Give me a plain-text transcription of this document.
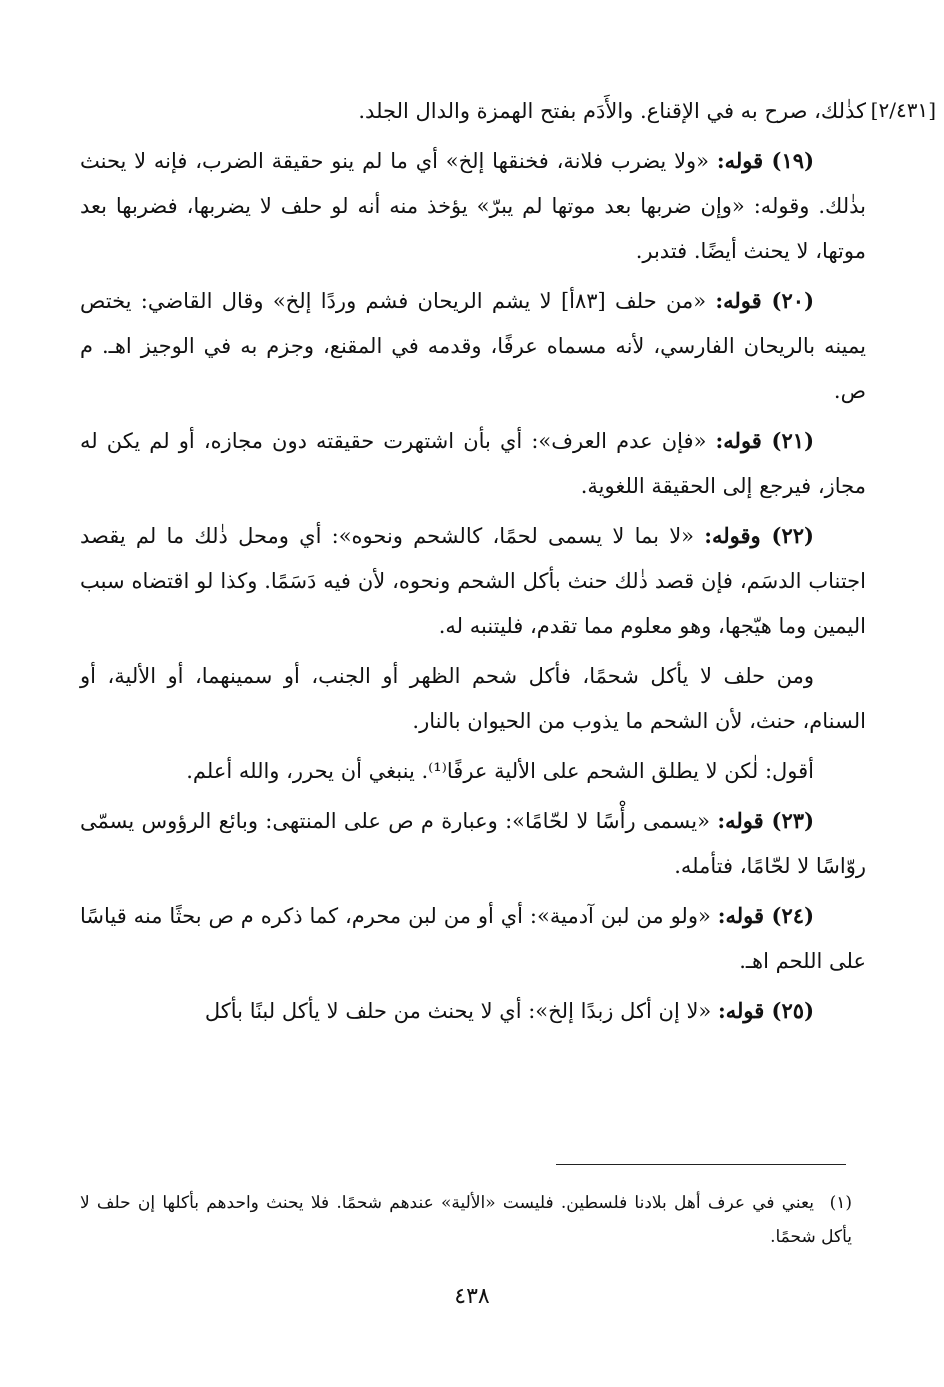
[٢/٤٣١]

كذٰلك، صرح به في الإقناع. والأَدَم بفتح الهمزة والدال الجلد.

(١٩) قوله: «ولا يضرب فلانة، فخنقها إلخ» أي ما لم ينو حقيقة الضرب، فإنه لا يحنث بذٰلك. وقوله: «وإن ضربها بعد موتها لم يبرّ» يؤخذ منه أنه لو حلف لا يضربها، فضربها بعد موتها، لا يحنث أيضًا. فتدبر.

(٢٠) قوله: «من حلف [٨٣أ] لا يشم الريحان فشم وردًا إلخ» وقال القاضي: يختص يمينه بالريحان الفارسي، لأنه مسماه عرفًا، وقدمه في المقنع، وجزم به في الوجيز اهـ. م ص.

(٢١) قوله: «فإن عدم العرف»: أي بأن اشتهرت حقيقته دون مجازه، أو لم يكن له مجاز، فيرجع إلى الحقيقة اللغوية.

(٢٢) وقوله: «لا بما لا يسمى لحمًا، كالشحم ونحوه»: أي ومحل ذٰلك ما لم يقصد اجتناب الدسَم، فإن قصد ذٰلك حنث بأكل الشحم ونحوه، لأن فيه دَسَمًا. وكذا لو اقتضاه سبب اليمين وما هيّجها، وهو معلوم مما تقدم، فليتنبه له.

ومن حلف لا يأكل شحمًا، فأكل شحم الظهر أو الجنب، أو سمينهما، أو الألية، أو السنام، حنث، لأن الشحم ما يذوب من الحيوان بالنار.

أقول: لٰكن لا يطلق الشحم على الألية عرفًا⁽¹⁾. ينبغي أن يحرر، والله أعلم.

(٢٣) قوله: «يسمى رأْسًا لا لحّامًا»: وعبارة م ص على المنتهى: وبائع الرؤوس يسمّى روّاسًا لا لحّامًا، فتأمله.

(٢٤) قوله: «ولو من لبن آدمية»: أي أو من لبن محرم، كما ذكره م ص بحثًا منه قياسًا على اللحم اهـ.

(٢٥) قوله: «لا إن أكل زبدًا إلخ»: أي لا يحنث من حلف لا يأكل لبنًا بأكل

(١)يعني في عرف أهل بلادنا فلسطين. فليست «الألية» عندهم شحمًا. فلا يحنث واحدهم بأكلها إن حلف لا يأكل شحمًا.
٤٣٨
